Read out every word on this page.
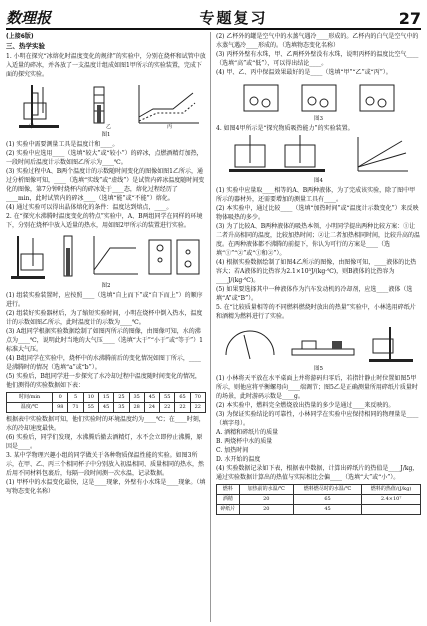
数理报	专题复习	27
(上接6版)
三、热学实验

1. 小明在探究“冰熔化时温度变化的规律”的实验中，分别在烧杯和试管中放入适量的碎冰，并各放了一支温度计组成如图1甲所示的实验装置，完成下面的探究实验。

甲	乙	丙
图1

(1) 实验中需要测量工具是温度计和____。

(2) 实验中应选用____（选填“较大”或“较小”）的碎冰，点燃酒精灯加热，一段时间后温度计示数如图乙所示为____℃。

(3) 实验过程中A、B两个温度计的示数随时间变化的图像如图1乙所示，通过分析图像可知，____（选填“实线”或“虚线”）是试管内碎冰温度随时间变化的图像，第7分钟时烧杯内的碎冰处于____态，熔化过程经历了____min，此时试管内的碎冰____（选填“能”或“不能”）熔化。

(4) 通过实验可以得出晶体熔化的条件：温度达到熔点，____。

2. 在“探究水沸腾时温度变化的特点”实验中，A、B两组同学在同样的环境下，分别在烧杯中放入适量的热水，用如图2甲所示的装置进行实验。

图2

(1) 组装实验装置时，应按照____（选填“自上而下”或“自下而上”）的顺序进行。

(2) 组装好实验器材后，为了缩短实验时间，小明在烧杯中倒入热水，温度计的示数如图乙所示，此时温度计的示数为____℃。

(3) A组同学根据实验数据绘制了如图丙所示的图像，由图像可知，水的沸点为____℃，说明此时当地的大气压____（选填“大于”“小于”或“等于”）1标准大气压。

(4) B组同学在实验中，烧杯中的水沸腾前后的变化情况如图丁所示，____是沸腾时的情况（选填“a”或“b”）。

(5) 实验后，B组同学进一步探究了水冷却过程中温度随时间变化的情况，他们测得的实验数据如下表：

时间/min	0	5	10	15	25	35	45	55	65	70
温度/℃	98	71	55	45	35	28	24	22	22	22

根据表中实验数据可知，他们实验时的环境温度约为____℃；在____时刻，水的冷却速度最快。

(6) 实验后，同学们发现，水沸腾后撤去酒精灯，水不会立即停止沸腾，原因是____。

3. 某中学物理兴趣小组的同学做关于各种物质保温性能的实验。如图3所示，在甲、乙、丙三个相同杯子中分别放入初温相同、质量相同的热水，然后用不同材料包裹后，每隔一段时间测一次水温，记录数据。

(1) 甲杯中的水温变化最快，这是____现象，外壁有小水珠是____现象。（填写物态变化名称）

(2) 乙杯外的罐是空气中的水蒸气遇冷____形成的。乙杯内的白气是空气中的水蒸气遇冷____形成的。（选填物态变化名称）

(3) 丙杯外壁有水珠，甲、乙两杯外壁没有水珠，说明丙杯的温度比空气____（选填“高”或“低”），可以得出结论____。

(4) 甲、乙、丙中保温效果最好的是____（选填“甲”“乙”或“丙”）。

图3

4. 如图4甲所示是“探究物质吸热能力”的实验装置。

图4

(1) 实验中应量取____相等的A、B两种液体，为了完成该实验，除了图中甲所示的器材外，还需要增加的测量工具有____。

(2) 本实验中，通过比较____（选填“加热时间”或“温度计示数变化”）来反映物体吸热的多少。

(3) 为了比较A、B两种液体的吸热本领，小明同学提出两种比较方案：①让二者升高相同的温度，比较加热时间；②让二者加热相同时间，比较升高的温度。在两种液体都不沸腾的前提下，你认为可行的方案是____（选填“①”“②”或“①和②”）。

(4) 根据实验数据绘制了如图4乙所示的图像，由图像可知，____液体的比热容大；若A液体的比热容为2.1×10³J/(kg·℃)，则B液体的比热容为____J/(kg·℃)。

(5) 如果要选择其中一种液体作为汽车发动机的冷却剂，应选____液体（选填“A”或“B”）。

5. 在“比较质量相等的不同燃料燃烧时放出的热量”实验中，小林选用碎纸片和酒精为燃料进行了实验。

图5

(1) 小林将天平放在水平桌面上并将游码归零后，若指针静止时位置如图5甲所示，则他应将平衡螺母向____端调节；图5乙是正确测量所用碎纸片质量时的场景，此时游码示数是____g。

(2) 本实验中，燃料完全燃烧放出热量的多少是通过____来反映的。

(3) 为保证实验结论的可靠性，小林同学在实验中应保持相同的物理量是____（填字母）。

A. 酒精和碎纸片的质量

B. 两烧杯中水的质量

C. 加热时间

D. 水开始的温度

(4) 实验数据记录如下表，根据表中数据，计算出碎纸片的热值是____J/kg，通过实验数据计算出的热值与实际相比会偏____（选填“大”或“小”）。

燃料	加热前的水温/℃	燃料燃尽时的水温/℃	燃料的热值/(J/kg)
酒精	20	65	2.4×10⁷
碎纸片	20	45	
